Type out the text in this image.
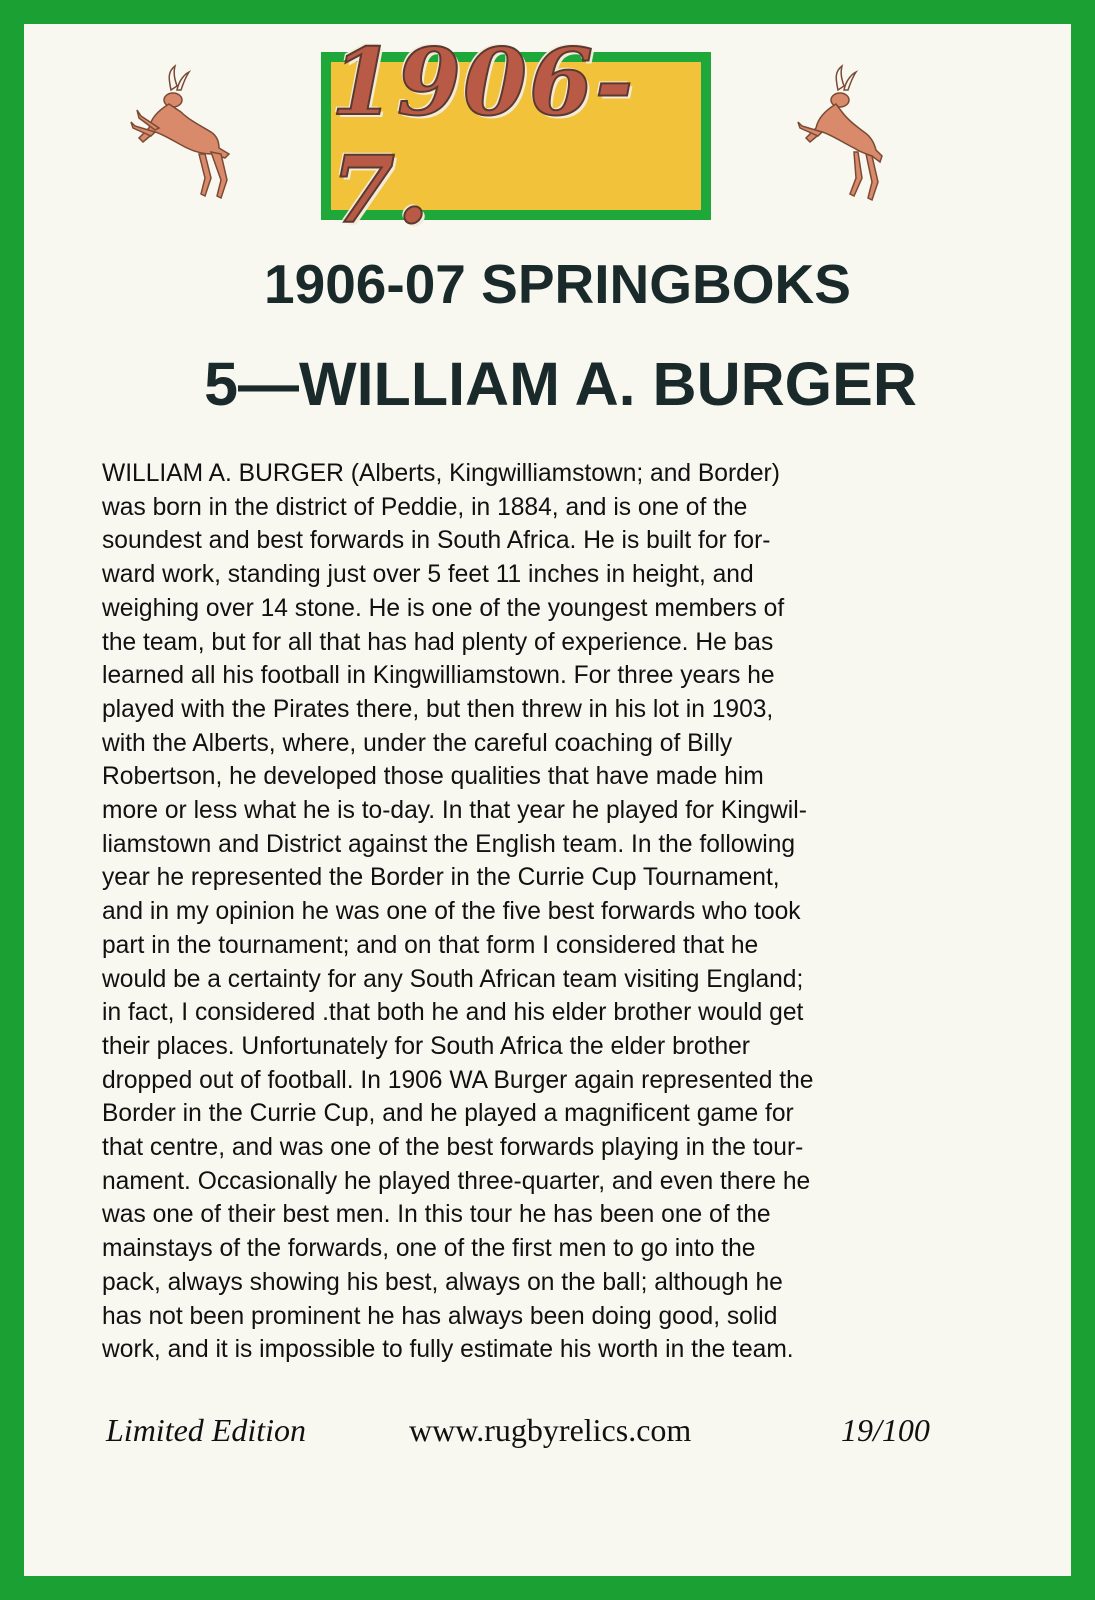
1906-7.
1906-07 SPRINGBOKS
5—WILLIAM A. BURGER
WILLIAM A. BURGER (Alberts, Kingwilliamstown; and Border)
was born in the district of Peddie, in 1884, and is one of the
soundest and best forwards in South Africa. He is built for for-
ward work, standing just over 5 feet 11 inches in height, and
weighing over 14 stone. He is one of the youngest members of
the team, but for all that has had plenty of experience. He bas
learned all his football in Kingwilliamstown. For three years he
played with the Pirates there, but then threw in his lot in 1903,
with the Alberts, where, under the careful coaching of Billy
Robertson, he developed those qualities that have made him
more or less what he is to-day. In that year he played for Kingwil-
liamstown and District against the English team. In the following
year he represented the Border in the Currie Cup Tournament,
and in my opinion he was one of the five best forwards who took
part in the tournament; and on that form I considered that he
would be a certainty for any South African team visiting England;
in fact, I considered .that both he and his elder brother would get
their places. Unfortunately for South Africa the elder brother
dropped out of football. In 1906 WA Burger again represented the
Border in the Currie Cup, and he played a magnificent game for
that centre, and was one of the best forwards playing in the tour-
nament. Occasionally he played three-quarter, and even there he
was one of their best men. In this tour he has been one of the
mainstays of the forwards, one of the first men to go into the
pack, always showing his best, always on the ball; although he
has not been prominent he has always been doing good, solid
work, and it is impossible to fully estimate his worth in the team.
Limited Edition	www.rugbyrelics.com	19/100
